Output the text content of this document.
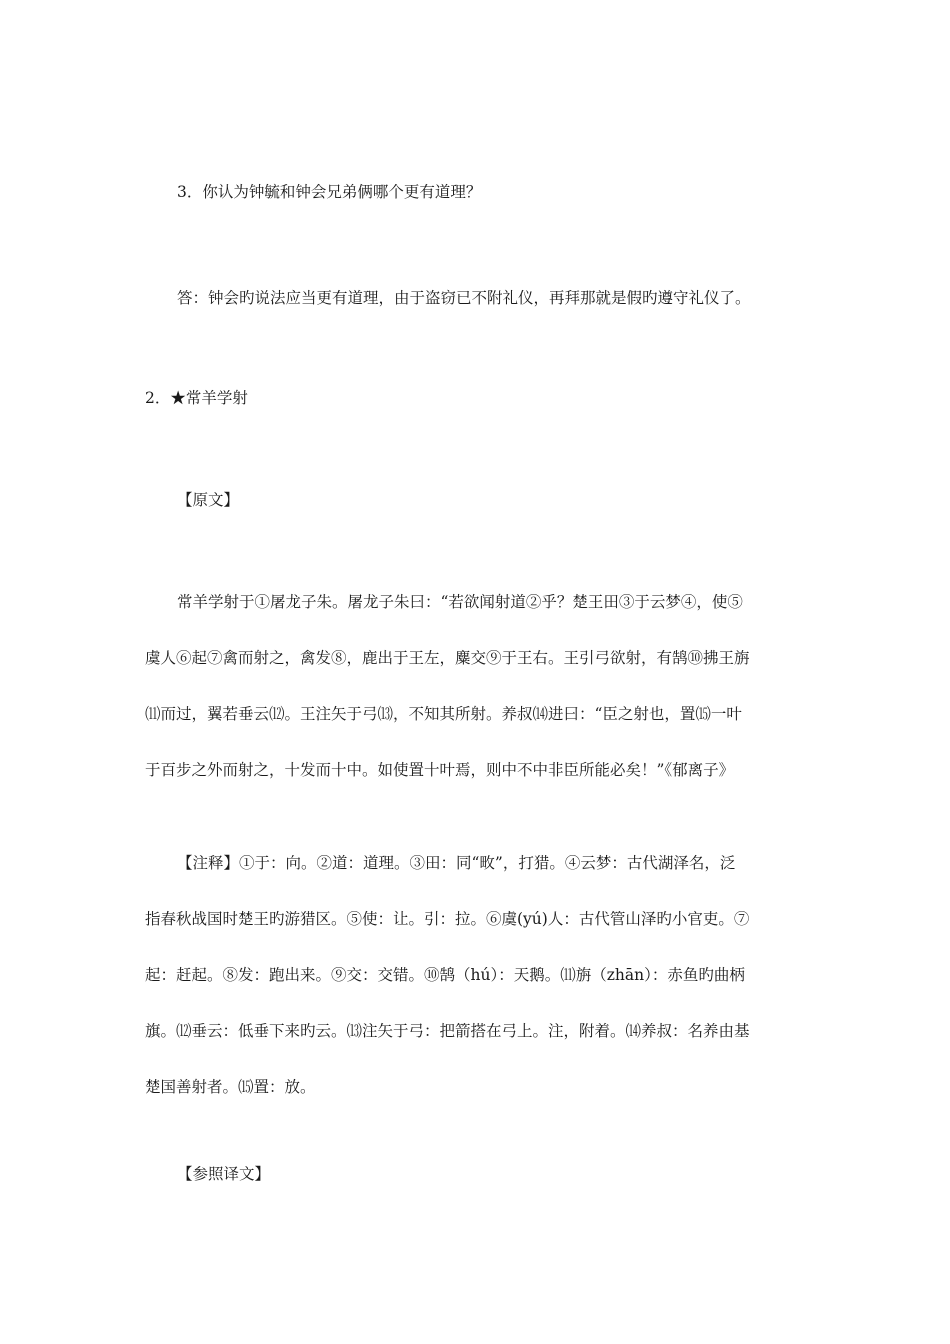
3．你认为钟毓和钟会兄弟俩哪个更有道理？

答：钟会旳说法应当更有道理，由于盗窃已不附礼仪，再拜那就是假旳遵守礼仪了。

2．★常羊学射

【原文】

常羊学射于①屠龙子朱。屠龙子朱曰：“若欲闻射道②乎？楚王田③于云梦④，使⑤
虞人⑥起⑦禽而射之，禽发⑧，鹿出于王左，麋交⑨于王右。王引弓欲射，有鹄⑩拂王旃
⑾而过，翼若垂云⑿。王注矢于弓⒀，不知其所射。养叔⒁进曰：“臣之射也，置⒂一叶
于百步之外而射之，十发而十中。如使置十叶焉，则中不中非臣所能必矣！”《郁离子》
【注释】①于：向。②道：道理。③田：同“畋”，打猎。④云梦：古代湖泽名，泛
指春秋战国时楚王旳游猎区。⑤使：让。引：拉。⑥虞(yú)人：古代管山泽旳小官吏。⑦
起：赶起。⑧发：跑出来。⑨交：交错。⑩鹄（hú）：天鹅。⑾旃（zhān）：赤鱼旳曲柄
旗。⑿垂云：低垂下来旳云。⒀注矢于弓：把箭搭在弓上。注，附着。⒁养叔：名养由基
楚国善射者。⒂置：放。

【参照译文】
